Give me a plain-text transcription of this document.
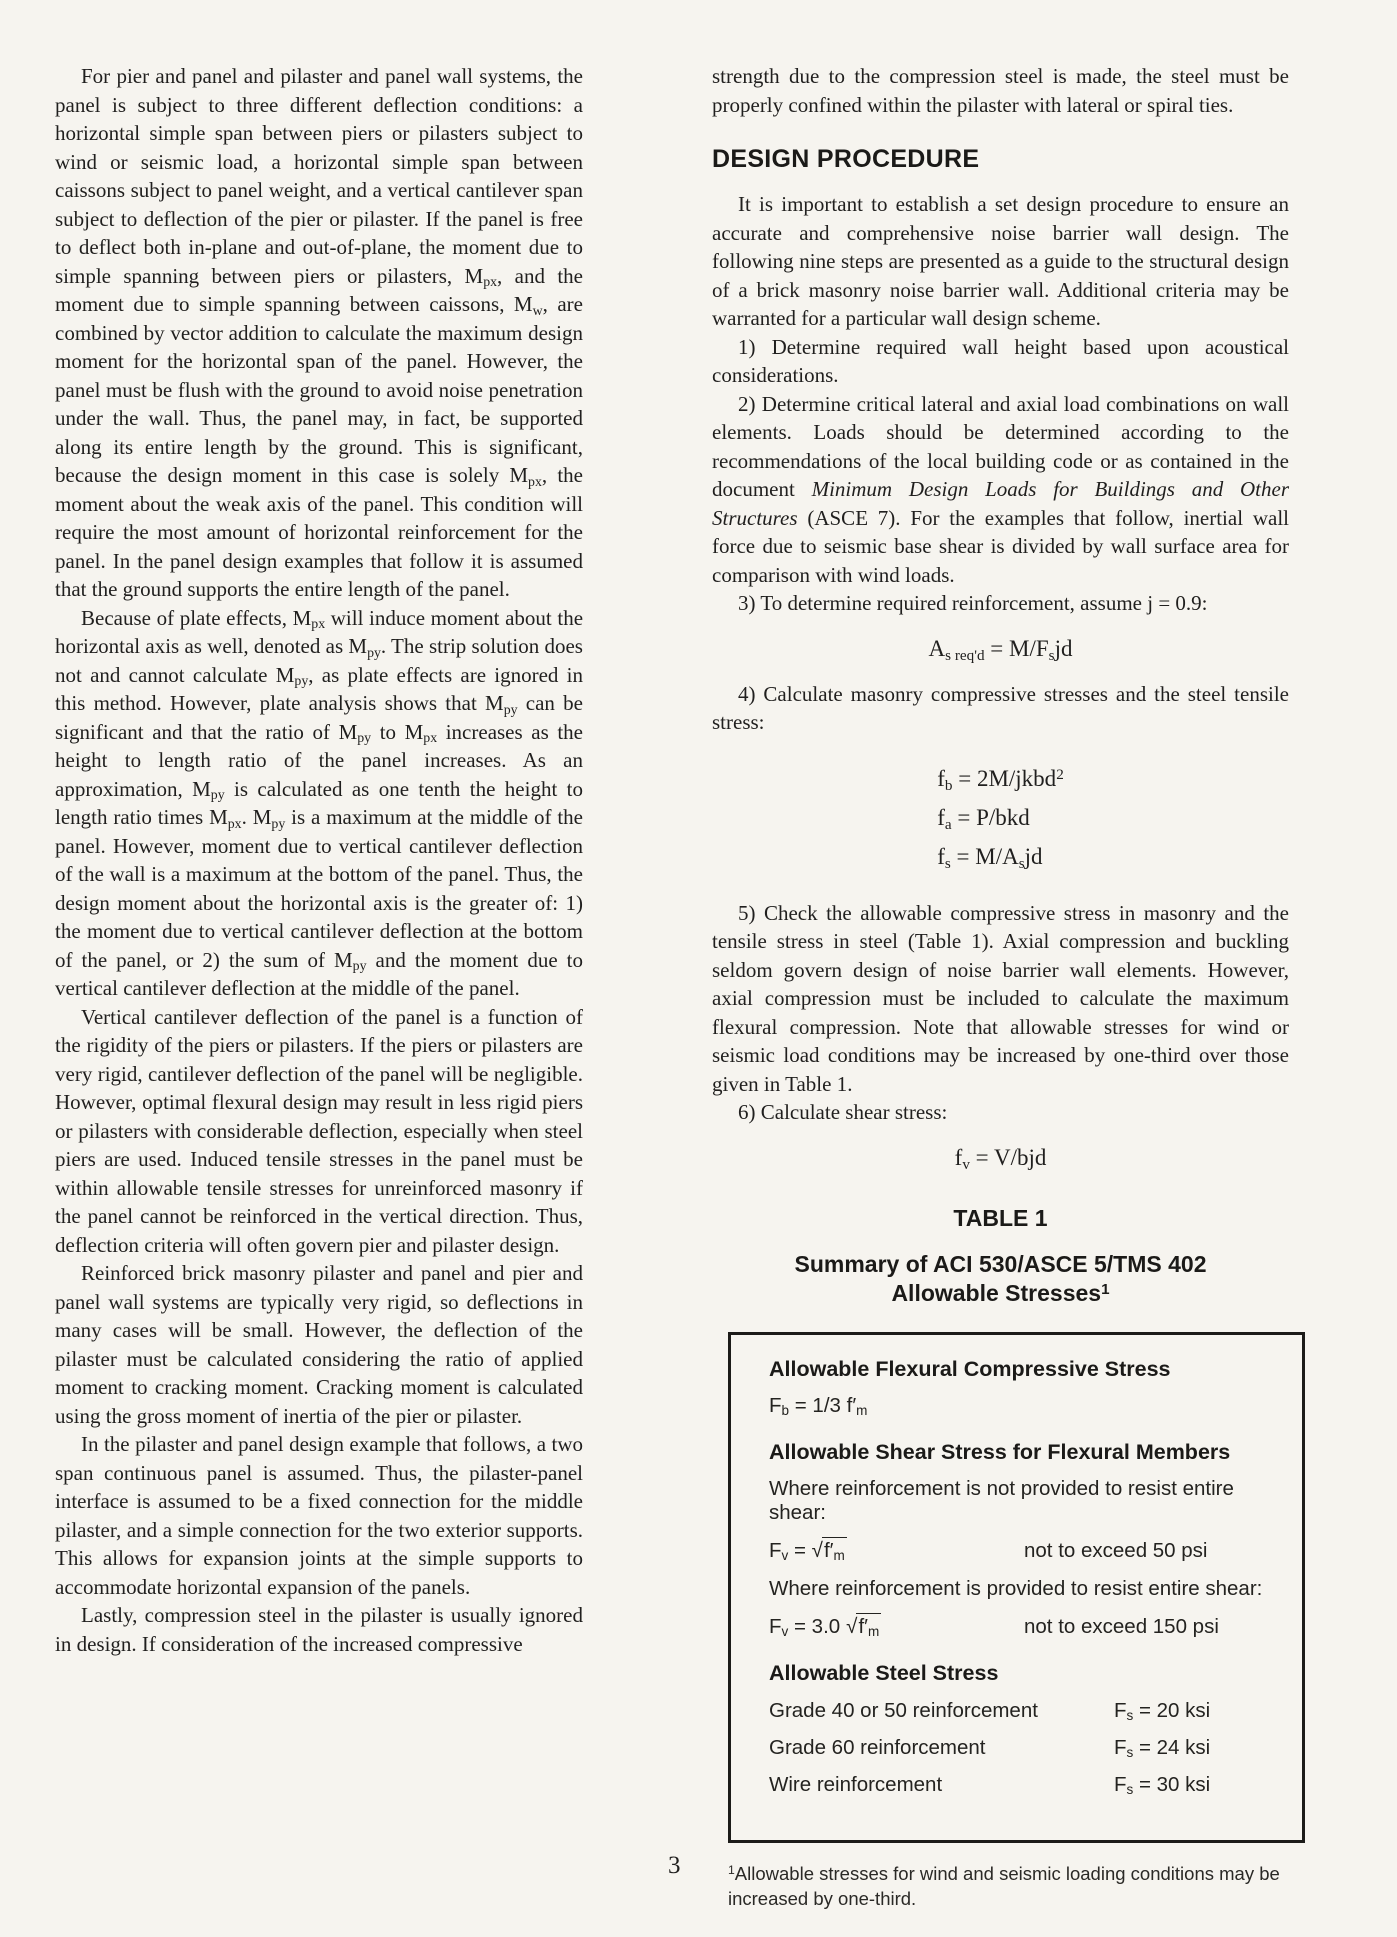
For pier and panel and pilaster and panel wall systems, the panel is subject to three different deflection conditions: a horizontal simple span between piers or pilasters subject to wind or seismic load, a horizontal simple span between caissons subject to panel weight, and a vertical cantilever span subject to deflection of the pier or pilaster. If the panel is free to deflect both in-plane and out-of-plane, the moment due to simple spanning between piers or pilasters, $M_{px}$, and the moment due to simple spanning between caissons, $M_w$, are combined by vector addition to calculate the maximum design moment for the horizontal span of the panel. However, the panel must be flush with the ground to avoid noise penetration under the wall. Thus, the panel may, in fact, be supported along its entire length by the ground. This is significant, because the design moment in this case is solely $M_{px}$, the moment about the weak axis of the panel. This condition will require the most amount of horizontal reinforcement for the panel. In the panel design examples that follow it is assumed that the ground supports the entire length of the panel.

Because of plate effects, $M_{px}$ will induce moment about the horizontal axis as well, denoted as $M_{py}$. The strip solution does not and cannot calculate $M_{py}$, as plate effects are ignored in this method. However, plate analysis shows that $M_{py}$ can be significant and that the ratio of $M_{py}$ to $M_{px}$ increases as the height to length ratio of the panel increases. As an approximation, $M_{py}$ is calculated as one tenth the height to length ratio times $M_{px}$. $M_{py}$ is a maximum at the middle of the panel. However, moment due to vertical cantilever deflection of the wall is a maximum at the bottom of the panel. Thus, the design moment about the horizontal axis is the greater of: 1) the moment due to vertical cantilever deflection at the bottom of the panel, or 2) the sum of $M_{py}$ and the moment due to vertical cantilever deflection at the middle of the panel.

Vertical cantilever deflection of the panel is a function of the rigidity of the piers or pilasters. If the piers or pilasters are very rigid, cantilever deflection of the panel will be negligible. However, optimal flexural design may result in less rigid piers or pilasters with considerable deflection, especially when steel piers are used. Induced tensile stresses in the panel must be within allowable tensile stresses for unreinforced masonry if the panel cannot be reinforced in the vertical direction. Thus, deflection criteria will often govern pier and pilaster design.

Reinforced brick masonry pilaster and panel and pier and panel wall systems are typically very rigid, so deflections in many cases will be small. However, the deflection of the pilaster must be calculated considering the ratio of applied moment to cracking moment. Cracking moment is calculated using the gross moment of inertia of the pier or pilaster.

In the pilaster and panel design example that follows, a two span continuous panel is assumed. Thus, the pilaster-panel interface is assumed to be a fixed connection for the middle pilaster, and a simple connection for the two exterior supports. This allows for expansion joints at the simple supports to accommodate horizontal expansion of the panels.

Lastly, compression steel in the pilaster is usually ignored in design. If consideration of the increased compressive

strength due to the compression steel is made, the steel must be properly confined within the pilaster with lateral or spiral ties.

DESIGN PROCEDURE

It is important to establish a set design procedure to ensure an accurate and comprehensive noise barrier wall design. The following nine steps are presented as a guide to the structural design of a brick masonry noise barrier wall. Additional criteria may be warranted for a particular wall design scheme.

1) Determine required wall height based upon acoustical considerations.

2) Determine critical lateral and axial load combinations on wall elements. Loads should be determined according to the recommendations of the local building code or as contained in the document Minimum Design Loads for Buildings and Other Structures (ASCE 7). For the examples that follow, inertial wall force due to seismic base shear is divided by wall surface area for comparison with wind loads.

3) To determine required reinforcement, assume j = 0.9:

$A_{s req'd} = M/F_sjd$

4) Calculate masonry compressive stresses and the steel tensile stress:

$f_b$ = 2M/jkbd$^2$
$f_a = P/bkd$
$f_s = M/A_sjd$

5) Check the allowable compressive stress in masonry and the tensile stress in steel (Table 1). Axial compression and buckling seldom govern design of noise barrier wall elements. However, axial compression must be included to calculate the maximum flexural compression. Note that allowable stresses for wind or seismic load conditions may be increased by one-third over those given in Table 1.

6) Calculate shear stress:

$f_v = V/bjd$
TABLE 1
Summary of ACI 530/ASCE 5/TMS 402 Allowable Stresses$^1$
Allowable Flexural Compressive Stress
$F_b = 1/3$ $f'_m$
Allowable Shear Stress for Flexural Members
Where reinforcement is not provided to resist entire shear:
$F_v = √f'_m$	not to exceed 50 psi
Where reinforcement is provided to resist entire shear:
$F_v = 3.0$ $√f'_m$	not to exceed 150 psi
Allowable Steel Stress
Grade 40 or 50 reinforcement	$F_s = 20$ ksi
Grade 60 reinforcement	$F_s = 24$ ksi
Wire reinforcement	$F_s = 30$ ksi
$^1$Allowable stresses for wind and seismic loading conditions may be increased by one-third.
3
